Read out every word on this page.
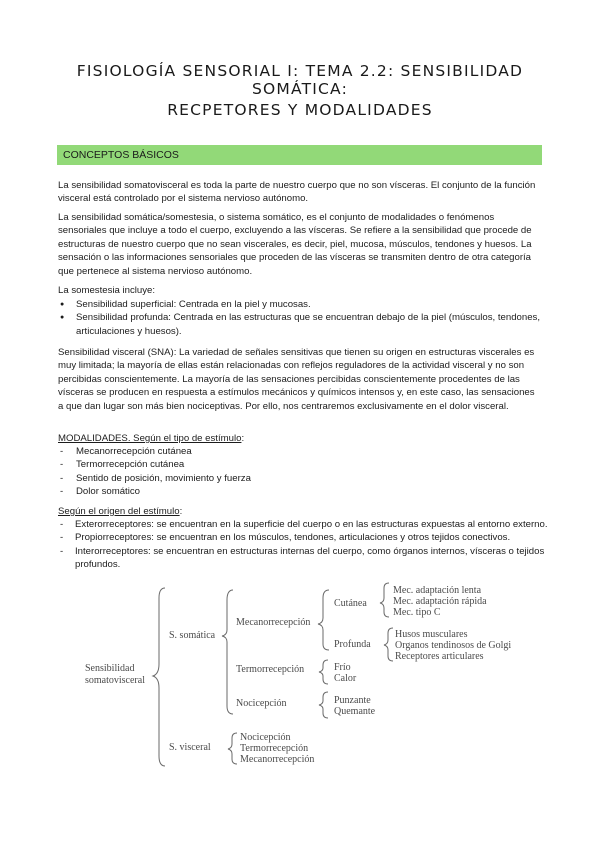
FISIOLOGÍA SENSORIAL I: TEMA 2.2: SENSIBILIDAD SOMÁTICA:
RECPETORES Y MODALIDADES
CONCEPTOS BÁSICOS

La sensibilidad somatovisceral es toda la parte de nuestro cuerpo que no son vísceras. El conjunto de la función visceral está controlado por el sistema nervioso autónomo.

La sensibilidad somática/somestesia, o sistema somático, es el conjunto de modalidades o fenómenos sensoriales que incluye a todo el cuerpo, excluyendo a las vísceras. Se refiere a la sensibilidad que procede de estructuras de nuestro cuerpo que no sean viscerales, es decir, piel, mucosa, músculos, tendones y huesos. La sensación o las informaciones sensoriales que proceden de las vísceras se transmiten dentro de otra categoría que pertenece al sistema nervioso autónomo.

La somestesia incluye:

● Sensibilidad superficial: Centrada en la piel y mucosas.
● Sensibilidad profunda: Centrada en las estructuras que se encuentran debajo de la piel (músculos, tendones, articulaciones y huesos).

Sensibilidad visceral (SNA): La variedad de señales sensitivas que tienen su origen en estructuras viscerales es muy limitada; la mayoría de ellas están relacionadas con reflejos reguladores de la actividad visceral y no son percibidas conscientemente. La mayoría de las sensaciones percibidas conscientemente procedentes de las vísceras se producen en respuesta a estímulos mecánicos y químicos intensos y, en este caso, las sensaciones a que dan lugar son más bien nociceptivas. Por ello, nos centraremos exclusivamente en el dolor visceral.

MODALIDADES. Según el tipo de estímulo:
- Mecanorrecepción cutánea
- Termorrecepción cutánea
- Sentido de posición, movimiento y fuerza
- Dolor somático
Según el origen del estímulo:
- Exterorreceptores: se encuentran en la superficie del cuerpo o en las estructuras expuestas al entorno externo.
- Propiorreceptores: se encuentran en los músculos, tendones, articulaciones y otros tejidos conectivos.
- Interorreceptores: se encuentran en estructuras internas del cuerpo, como órganos internos, vísceras o tejidos profundos.
Sensibilidad
somatovisceral
S. somática
S. visceral
Mecanorrecepción
Termorrecepción
Nocicepción
Cutánea
Profunda
Mec. adaptación lenta
Mec. adaptación rápida
Mec. tipo C
Husos musculares
Organos tendinosos de Golgi
Receptores articulares
Frío
Calor
Punzante
Quemante
Nocicepción
Termorrecepción
Mecanorrecepción
